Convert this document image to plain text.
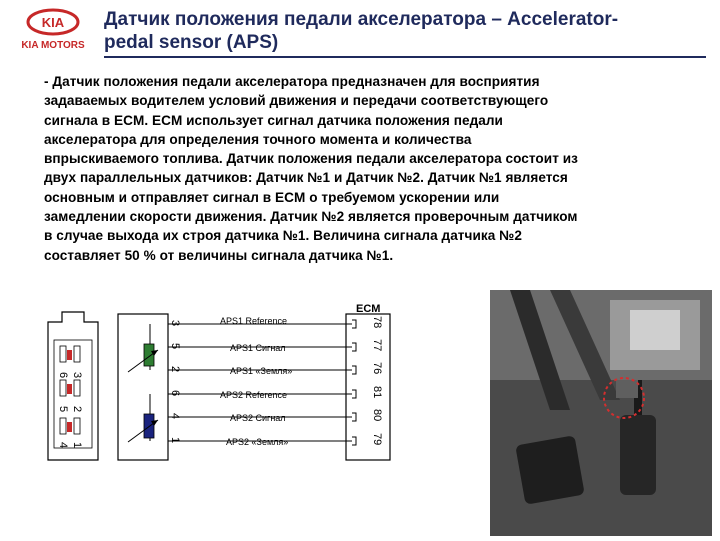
KIA
KIA MOTORS
Датчик положения педали акселератора – Accelerator-
pedal sensor (APS)
- Датчик положения педали акселератора предназначен для восприятия
задаваемых водителем условий движения и передачи соответствующего
сигнала в ECM. ECM использует сигнал датчика положения педали
акселератора для определения точного момента и количества
впрыскиваемого топлива. Датчик положения педали акселератора состоит из
двух параллельных датчиков: Датчик №1 и Датчик №2. Датчик №1 является
основным и отправляет сигнал в ECM о требуемом ускорении или
замедлении скорости движения. Датчик №2 является проверочным датчиком
в случае выхода их строя датчика №1. Величина сигнала датчика №2
составляет 50 % от величины сигнала датчика №1.
6 3
5 2
4 1
ECM
APS1 Reference
APS1 Сигнал
APS1 «Земля»
APS2 Reference
APS2 Сигнал
APS2 «Земля»
3
5
2
6
4
1
78
77
76
81
80
79
